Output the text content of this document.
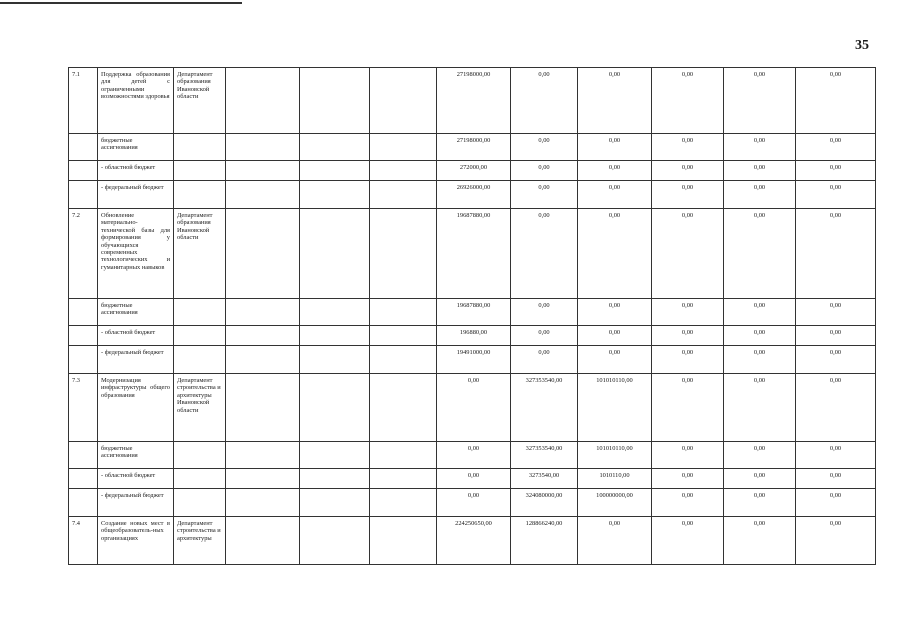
35
7.1	Поддержка образования для детей с ограниченными возможностями здоровья	Департамент образования Ивановской области				27198000,00	0,00	0,00	0,00	0,00	0,00
	бюджетные ассигнования					27198000,00	0,00	0,00	0,00	0,00	0,00
	- областной бюджет					272000,00	0,00	0,00	0,00	0,00	0,00
	- федеральный бюджет					26926000,00	0,00	0,00	0,00	0,00	0,00
7.2	Обновление материально-технической базы для формирования у обучающихся современных технологических и гуманитарных навыков	Департамент образования Ивановской области				19687880,00	0,00	0,00	0,00	0,00	0,00
	бюджетные ассигнования					19687880,00	0,00	0,00	0,00	0,00	0,00
	- областной бюджет					196880,00	0,00	0,00	0,00	0,00	0,00
	- федеральный бюджет					19491000,00	0,00	0,00	0,00	0,00	0,00
7.3	Модернизация инфраструктуры общего образования	Департамент строительства и архитектуры Ивановской области				0,00	327353540,00	101010110,00	0,00	0,00	0,00
	бюджетные ассигнования					0,00	327353540,00	101010110,00	0,00	0,00	0,00
	- областной бюджет					0,00	3273540,00	1010110,00	0,00	0,00	0,00
	- федеральный бюджет					0,00	324080000,00	100000000,00	0,00	0,00	0,00
7.4	Создание новых мест в общеобразователь-ных организациях	Департамент строительства и архитектуры				224250650,00	128866240,00	0,00	0,00	0,00	0,00
